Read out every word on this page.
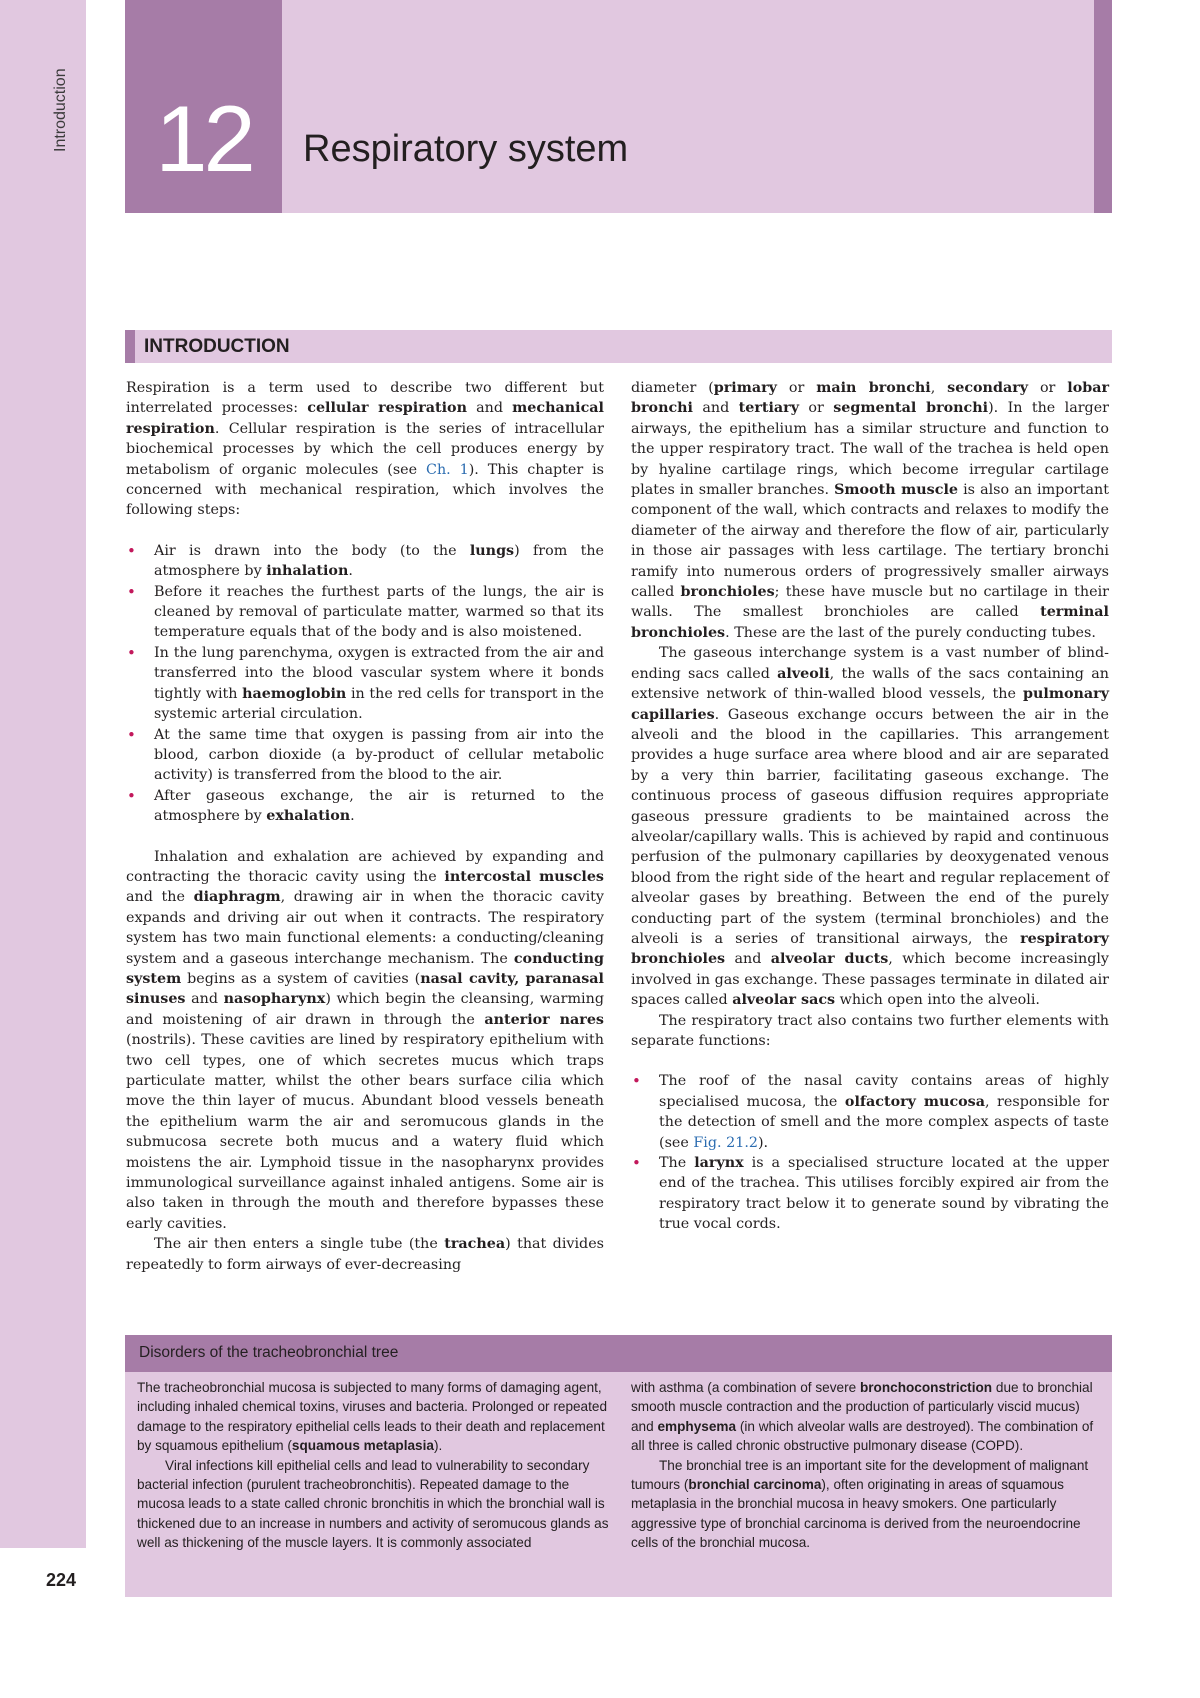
Introduction
224
12	Respiratory system
INTRODUCTION

Respiration is a term used to describe two different but interrelated processes: cellular respiration and mechanical respiration. Cellular respiration is the series of intracellular biochemical processes by which the cell produces energy by metabolism of organic molecules (see Ch. 1). This chapter is concerned with mechanical respiration, which involves the following steps:

• Air is drawn into the body (to the lungs) from the atmosphere by inhalation.
• Before it reaches the furthest parts of the lungs, the air is cleaned by removal of particulate matter, warmed so that its temperature equals that of the body and is also moistened.
• In the lung parenchyma, oxygen is extracted from the air and transferred into the blood vascular system where it bonds tightly with haemoglobin in the red cells for transport in the systemic arterial circulation.
• At the same time that oxygen is passing from air into the blood, carbon dioxide (a by-product of cellular metabolic activity) is transferred from the blood to the air.
• After gaseous exchange, the air is returned to the atmosphere by exhalation.

Inhalation and exhalation are achieved by expanding and contracting the thoracic cavity using the intercostal muscles and the diaphragm, drawing air in when the thoracic cavity expands and driving air out when it contracts. The respiratory system has two main functional elements: a conducting/cleaning system and a gaseous interchange mechanism. The conducting system begins as a system of cavities (nasal cavity, paranasal sinuses and nasopharynx) which begin the cleansing, warming and moistening of air drawn in through the anterior nares (nostrils). These cavities are lined by respiratory epithelium with two cell types, one of which secretes mucus which traps particulate matter, whilst the other bears surface cilia which move the thin layer of mucus. Abundant blood vessels beneath the epithelium warm the air and seromucous glands in the submucosa secrete both mucus and a watery fluid which moistens the air. Lymphoid tissue in the nasopharynx provides immunological surveillance against inhaled antigens. Some air is also taken in through the mouth and therefore bypasses these early cavities.

The air then enters a single tube (the trachea) that divides repeatedly to form airways of ever-decreasing

diameter (primary or main bronchi, secondary or lobar bronchi and tertiary or segmental bronchi). In the larger airways, the epithelium has a similar structure and function to the upper respiratory tract. The wall of the trachea is held open by hyaline cartilage rings, which become irregular cartilage plates in smaller branches. Smooth muscle is also an important component of the wall, which contracts and relaxes to modify the diameter of the airway and therefore the flow of air, particularly in those air passages with less cartilage. The tertiary bronchi ramify into numerous orders of progressively smaller airways called bronchioles; these have muscle but no cartilage in their walls. The smallest bronchioles are called terminal bronchioles. These are the last of the purely conducting tubes.

The gaseous interchange system is a vast number of blind-ending sacs called alveoli, the walls of the sacs containing an extensive network of thin-walled blood vessels, the pulmonary capillaries. Gaseous exchange occurs between the air in the alveoli and the blood in the capillaries. This arrangement provides a huge surface area where blood and air are separated by a very thin barrier, facilitating gaseous exchange. The continuous process of gaseous diffusion requires appropriate gaseous pressure gradients to be maintained across the alveolar/capillary walls. This is achieved by rapid and continuous perfusion of the pulmonary capillaries by deoxygenated venous blood from the right side of the heart and regular replacement of alveolar gases by breathing. Between the end of the purely conducting part of the system (terminal bronchioles) and the alveoli is a series of transitional airways, the respiratory bronchioles and alveolar ducts, which become increasingly involved in gas exchange. These passages terminate in dilated air spaces called alveolar sacs which open into the alveoli.

The respiratory tract also contains two further elements with separate functions:

• The roof of the nasal cavity contains areas of highly specialised mucosa, the olfactory mucosa, responsible for the detection of smell and the more complex aspects of taste (see Fig. 21.2).
• The larynx is a specialised structure located at the upper end of the trachea. This utilises forcibly expired air from the respiratory tract below it to generate sound by vibrating the true vocal cords.
Disorders of the tracheobronchial tree

The tracheobronchial mucosa is subjected to many forms of damaging agent, including inhaled chemical toxins, viruses and bacteria. Prolonged or repeated damage to the respiratory epithelial cells leads to their death and replacement by squamous epithelium (squamous metaplasia).

Viral infections kill epithelial cells and lead to vulnerability to secondary bacterial infection (purulent tracheobronchitis). Repeated damage to the mucosa leads to a state called chronic bronchitis in which the bronchial wall is thickened due to an increase in numbers and activity of seromucous glands as well as thickening of the muscle layers. It is commonly associated

with asthma (a combination of severe bronchoconstriction due to bronchial smooth muscle contraction and the production of particularly viscid mucus) and emphysema (in which alveolar walls are destroyed). The combination of all three is called chronic obstructive pulmonary disease (COPD).

The bronchial tree is an important site for the development of malignant tumours (bronchial carcinoma), often originating in areas of squamous metaplasia in the bronchial mucosa in heavy smokers. One particularly aggressive type of bronchial carcinoma is derived from the neuroendocrine cells of the bronchial mucosa.
